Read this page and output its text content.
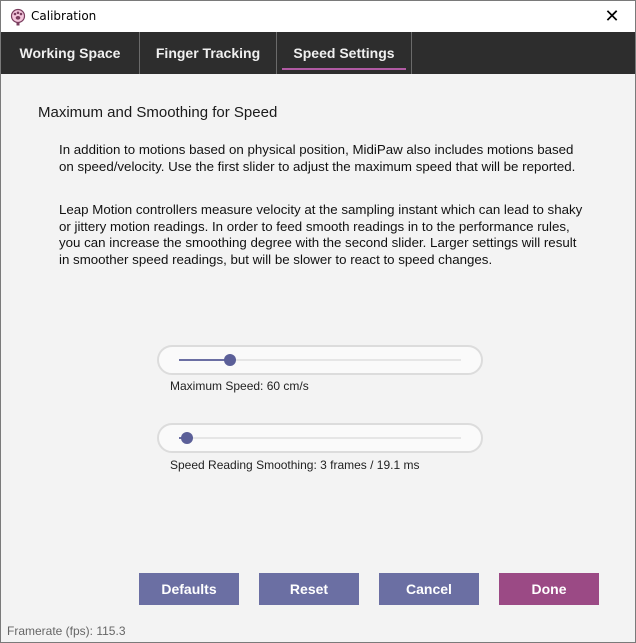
Calibration	✕
Working Space	Finger Tracking Speed Settings
Maximum and Smoothing for Speed
In addition to motions based on physical position, MidiPaw also includes motions based on speed/velocity. Use the first slider to adjust the maximum speed that will be reported.
Leap Motion controllers measure velocity at the sampling instant which can lead to shaky or jittery motion readings. In order to feed smooth readings in to the performance rules, you can increase the smoothing degree with the second slider. Larger settings will result in smoother speed readings, but will be slower to react to speed changes.
Maximum Speed: 60 cm/s
Speed Reading Smoothing: 3 frames / 19.1 ms
Defaults	Reset	Cancel	Done
Framerate (fps): 115.3
